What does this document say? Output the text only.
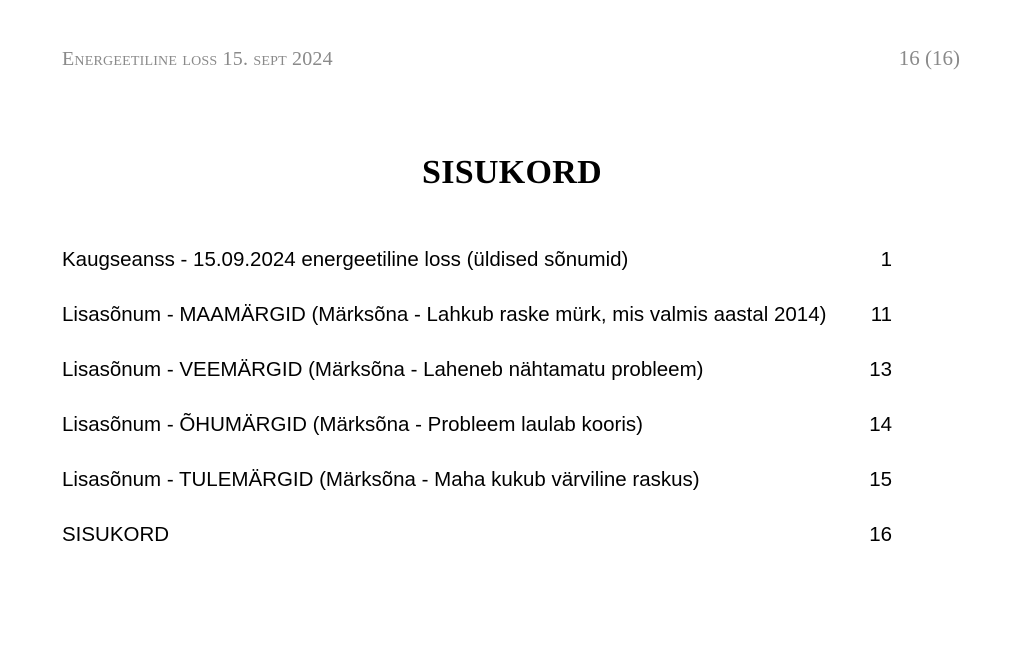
Energeetiline loss 15. sept 2024	16 (16)
SISUKORD
Kaugseanss - 15.09.2024 energeetiline loss (üldised sõnumid)	1
Lisasõnum - MAAMÄRGID (Märksõna - Lahkub raske mürk, mis valmis aastal 2014)	11
Lisasõnum - VEEMÄRGID (Märksõna - Laheneb nähtamatu probleem)	13
Lisasõnum - ÕHUMÄRGID (Märksõna - Probleem laulab kooris)	14
Lisasõnum - TULEMÄRGID (Märksõna - Maha kukub värviline raskus)	15
SISUKORD	16
